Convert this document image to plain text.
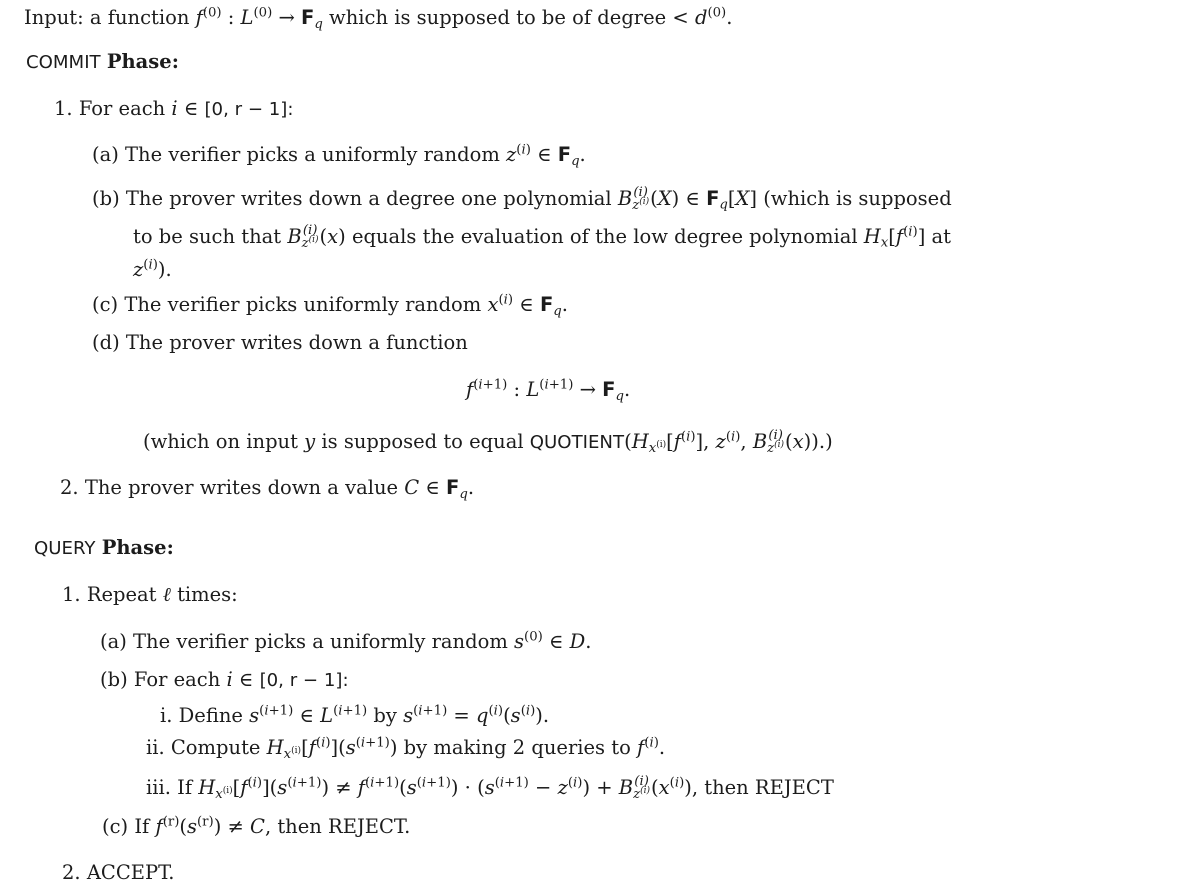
Input: a function $f^{(0)}$ : $L^{(0)} \to F_q$ which is supposed to be of degree < $d^{(0)}$.
COMMIT Phase:
1. For each i ∈ [0, r − 1]:
(a) The verifier picks a uniformly random $z^{(i)}$ ∈ $F_q$.
(b) The prover writes down a degree one polynomial B (i)
$z^{(i)}$ (X) ∈ $F_q[X]$ (which is supposed
to be such that B (i)
$z^{(i)}$ (x) equals the evaluation of the low degree polynomial $H_x[f^{(i)}]$ at
$z^{(i)}$).
(c) The verifier picks uniformly random $x^{(i)}$ ∈ $F_q$.
(d) The prover writes down a function
$f^{(i+1)}$ : $L^{(i+1)} \to F_q$.
(which on input y is supposed to equal $QUOTIENT(H_{x^{(i)}}[f^{(i)}]$, $z^{(i)}$, B (i)
$z^{(i)}$ (x)).)
2. The prover writes down a value C ∈ $F_q$.
QUERY Phase:
1. Repeat ℓ times:
(a) The verifier picks a uniformly random $s^{(0)}$ ∈ D.
(b) For each i ∈ [0, r − 1]:
i. Define $s^{(i+1)}$ ∈ $L^{(i+1)}$ by $s^{(i+1)} = q^{(i)}(s^{(i)})$.
ii. Compute $H_{x^{(i)}}[f^{(i)}](s^{(i+1)})$ by making 2 queries to $f^{(i)}$.
iii. If $H_{x^{(i)}}[f^{(i)}](s^{(i+1)}) \ne f^{(i+1)}(s^{(i+1)}) \cdot (s^{(i+1)} - z^{(i)}) + B$ (i)
$z^{(i)}$ $(x^{(i)})$, then REJECT
(c) If $f^{(r)}(s^{(r)}) \ne C$, then REJECT.
2. ACCEPT.
